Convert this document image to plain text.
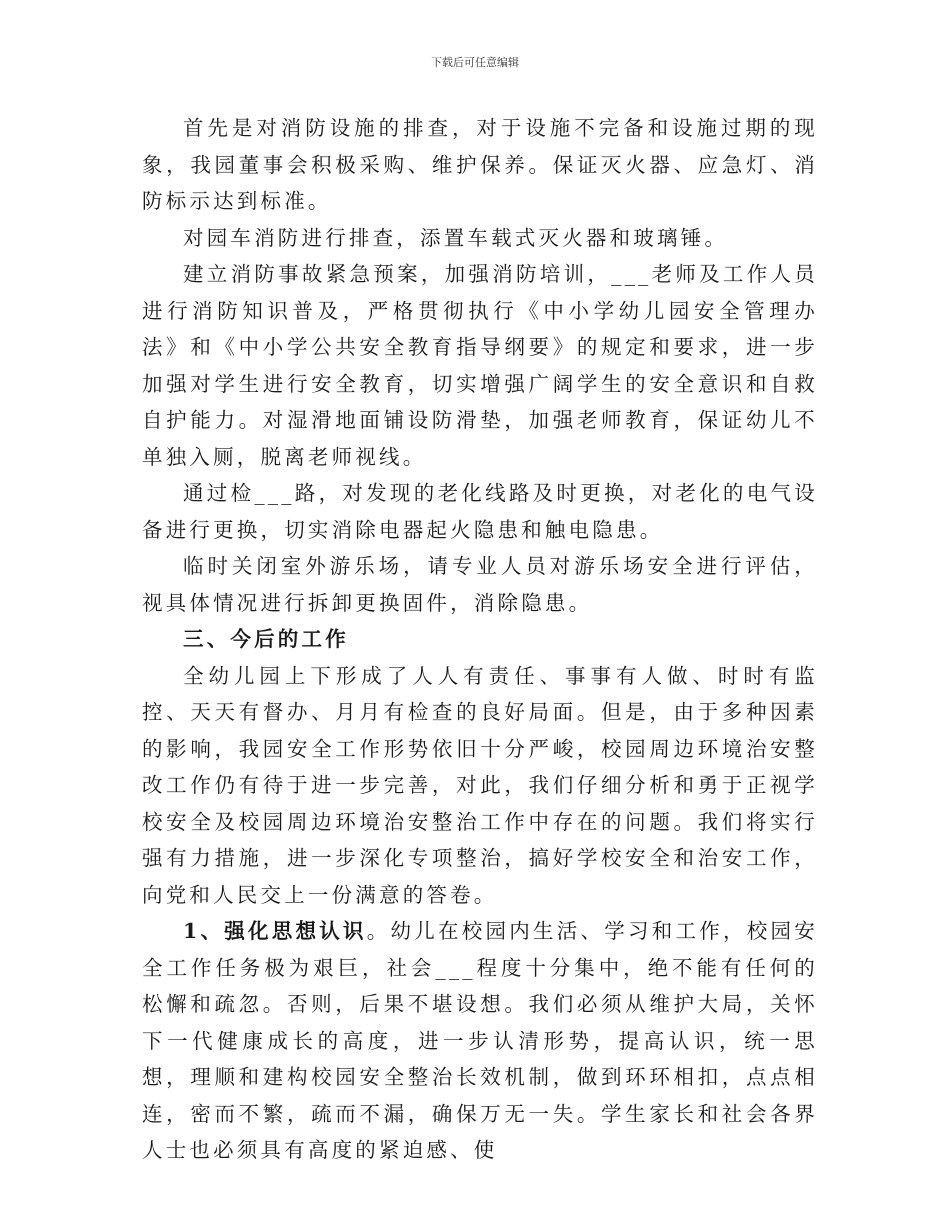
下载后可任意编辑

首先是对消防设施的排查，对于设施不完备和设施过期的现象，我园董事会积极采购、维护保养。保证灭火器、应急灯、消防标示达到标准。

对园车消防进行排查，添置车载式灭火器和玻璃锤。

建立消防事故紧急预案，加强消防培训，___老师及工作人员进行消防知识普及，严格贯彻执行《中小学幼儿园安全管理办法》和《中小学公共安全教育指导纲要》的规定和要求，进一步加强对学生进行安全教育，切实增强广阔学生的安全意识和自救自护能力。对湿滑地面铺设防滑垫，加强老师教育，保证幼儿不单独入厕，脱离老师视线。

通过检___路，对发现的老化线路及时更换，对老化的电气设备进行更换，切实消除电器起火隐患和触电隐患。

临时关闭室外游乐场，请专业人员对游乐场安全进行评估，视具体情况进行拆卸更换固件，消除隐患。

三、今后的工作

全幼儿园上下形成了人人有责任、事事有人做、时时有监控、天天有督办、月月有检查的良好局面。但是，由于多种因素的影响，我园安全工作形势依旧十分严峻，校园周边环境治安整改工作仍有待于进一步完善，对此，我们仔细分析和勇于正视学校安全及校园周边环境治安整治工作中存在的问题。我们将实行强有力措施，进一步深化专项整治，搞好学校安全和治安工作，向党和人民交上一份满意的答卷。

1、强化思想认识。幼儿在校园内生活、学习和工作，校园安全工作任务极为艰巨，社会___程度十分集中，绝不能有任何的松懈和疏忽。否则，后果不堪设想。我们必须从维护大局，关怀下一代健康成长的高度，进一步认清形势，提高认识，统一思想，理顺和建构校园安全整治长效机制，做到环环相扣，点点相连，密而不繁，疏而不漏，确保万无一失。学生家长和社会各界人士也必须具有高度的紧迫感、使
